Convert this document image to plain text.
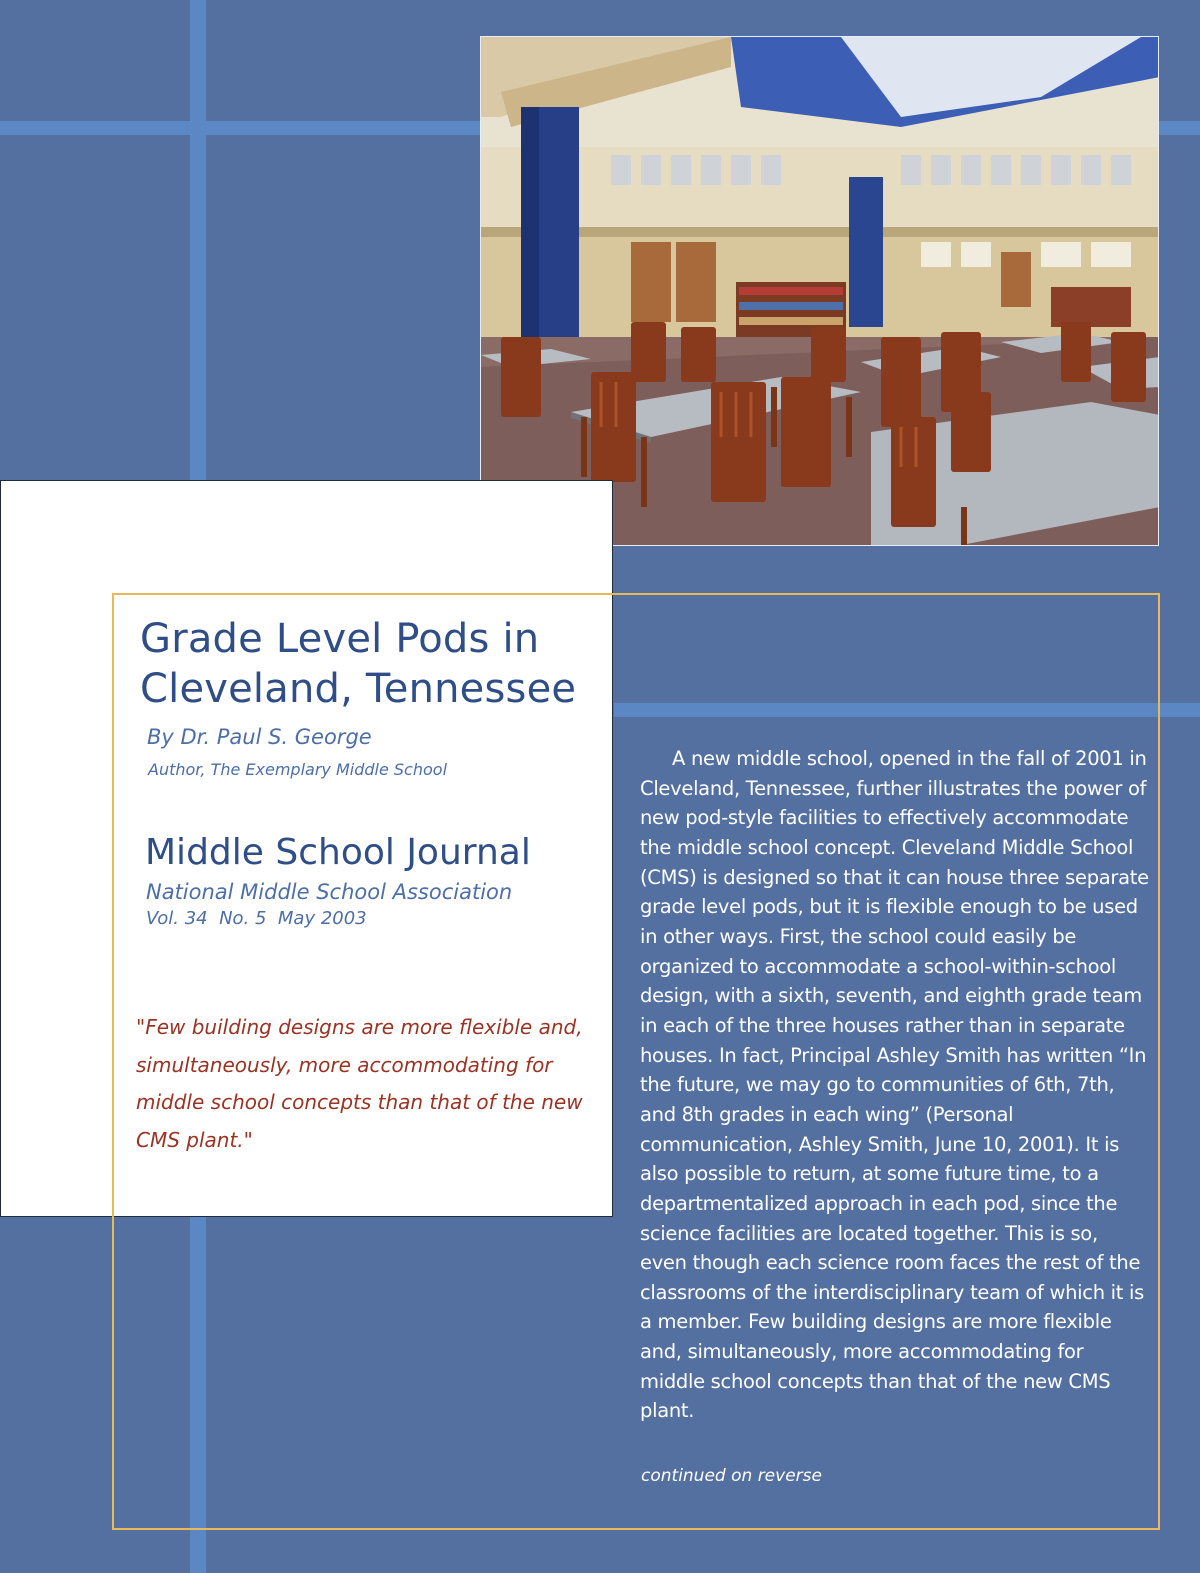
Grade Level Pods in Cleveland, Tennessee

By Dr. Paul S. George

Author, The Exemplary Middle School

Middle School Journal

National Middle School Association

Vol. 34  No. 5  May 2003

"Few building designs are more flexible and, simultaneously, more accommodating for middle school concepts than that of the new CMS plant."

A new middle school, opened in the fall of 2001 in Cleveland, Tennessee, further illustrates the power of new pod-style facilities to effectively accommodate the middle school concept. Cleveland Middle School (CMS) is designed so that it can house three separate grade level pods, but it is flexible enough to be used in other ways. First, the school could easily be organized to accommodate a school-within-school design, with a sixth, seventh, and eighth grade team in each of the three houses rather than in separate houses. In fact, Principal Ashley Smith has written “In the future, we may go to communities of 6th, 7th, and 8th grades in each wing” (Personal communication, Ashley Smith, June 10, 2001). It is also possible to return, at some future time, to a departmentalized approach in each pod, since the science facilities are located together. This is so, even though each science room faces the rest of the classrooms of the interdisciplinary team of which it is a member. Few building designs are more flexible and, simultaneously, more accommodating for middle school concepts than that of the new CMS plant.

continued on reverse
